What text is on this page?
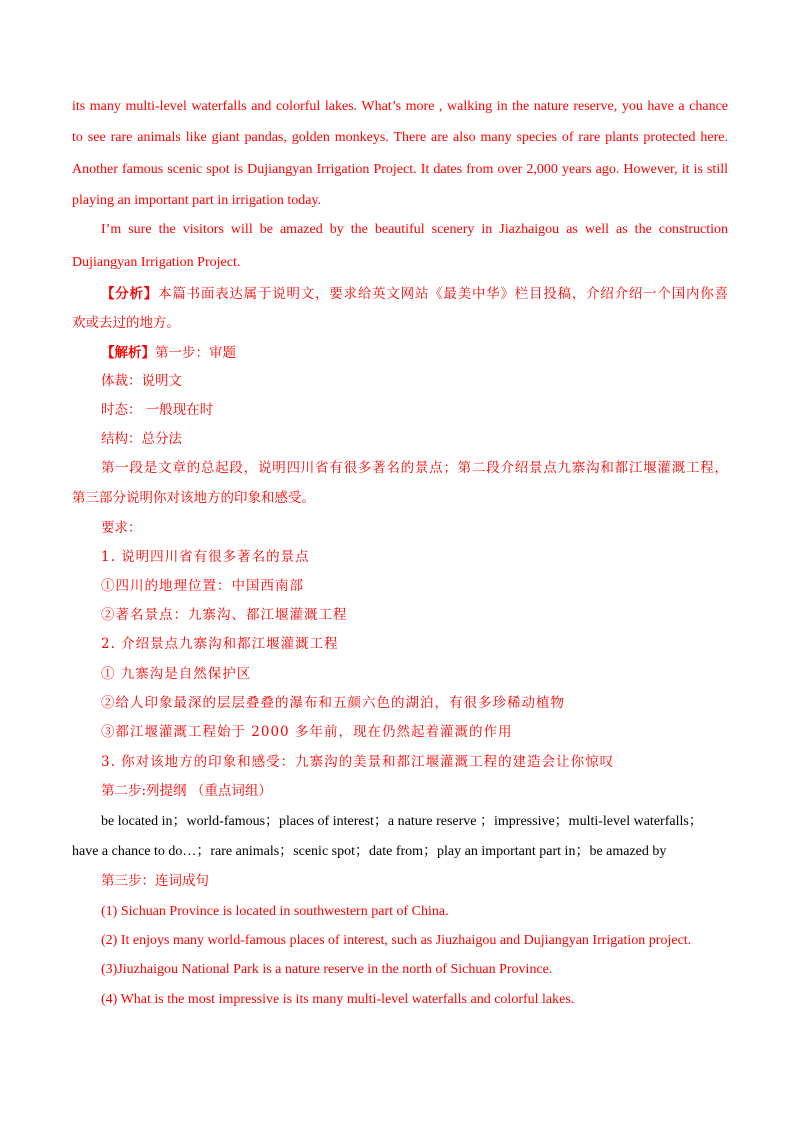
its many multi-level waterfalls and colorful lakes. What’s more , walking in the nature reserve, you have a chance
to see rare animals like giant pandas, golden monkeys. There are also many species of rare plants protected here.
Another famous scenic spot is Dujiangyan Irrigation Project. It dates from over 2,000 years ago. However, it is still
playing an important part in irrigation today.
I’m sure the visitors will be amazed by the beautiful scenery in Jiazhaigou as well as the construction
Dujiangyan Irrigation Project.
【分析】本篇书面表达属于说明文，要求给英文网站《最美中华》栏目投稿，介绍介绍一个国内你喜
欢或去过的地方。
【解析】第一步：审题
体裁：说明文
时态： 一般现在时
结构：总分法
第一段是文章的总起段，说明四川省有很多著名的景点；第二段介绍景点九寨沟和都江堰灌溉工程，
第三部分说明你对该地方的印象和感受。
要求：
1. 说明四川省有很多著名的景点
①四川的地理位置：中国西南部
②著名景点：九寨沟、都江堰灌溉工程
2. 介绍景点九寨沟和都江堰灌溉工程
① 九寨沟是自然保护区
②给人印象最深的层层叠叠的瀑布和五颜六色的湖泊，有很多珍稀动植物
③都江堰灌溉工程始于 2000 多年前，现在仍然起着灌溉的作用
3. 你对该地方的印象和感受：九寨沟的美景和都江堰灌溉工程的建造会让你惊叹
第二步:列提纲 （重点词组）
be located in；world-famous；places of interest；a nature reserve ；impressive；multi-level waterfalls；
have a chance to do…；rare animals；scenic spot；date from；play an important part in；be amazed by
第三步：连词成句
(1) Sichuan Province is located in southwestern part of China.
(2) It enjoys many world-famous places of interest, such as Jiuzhaigou and Dujiangyan Irrigation project.
(3)Jiuzhaigou National Park is a nature reserve in the north of Sichuan Province.
(4) What is the most impressive is its many multi-level waterfalls and colorful lakes.
